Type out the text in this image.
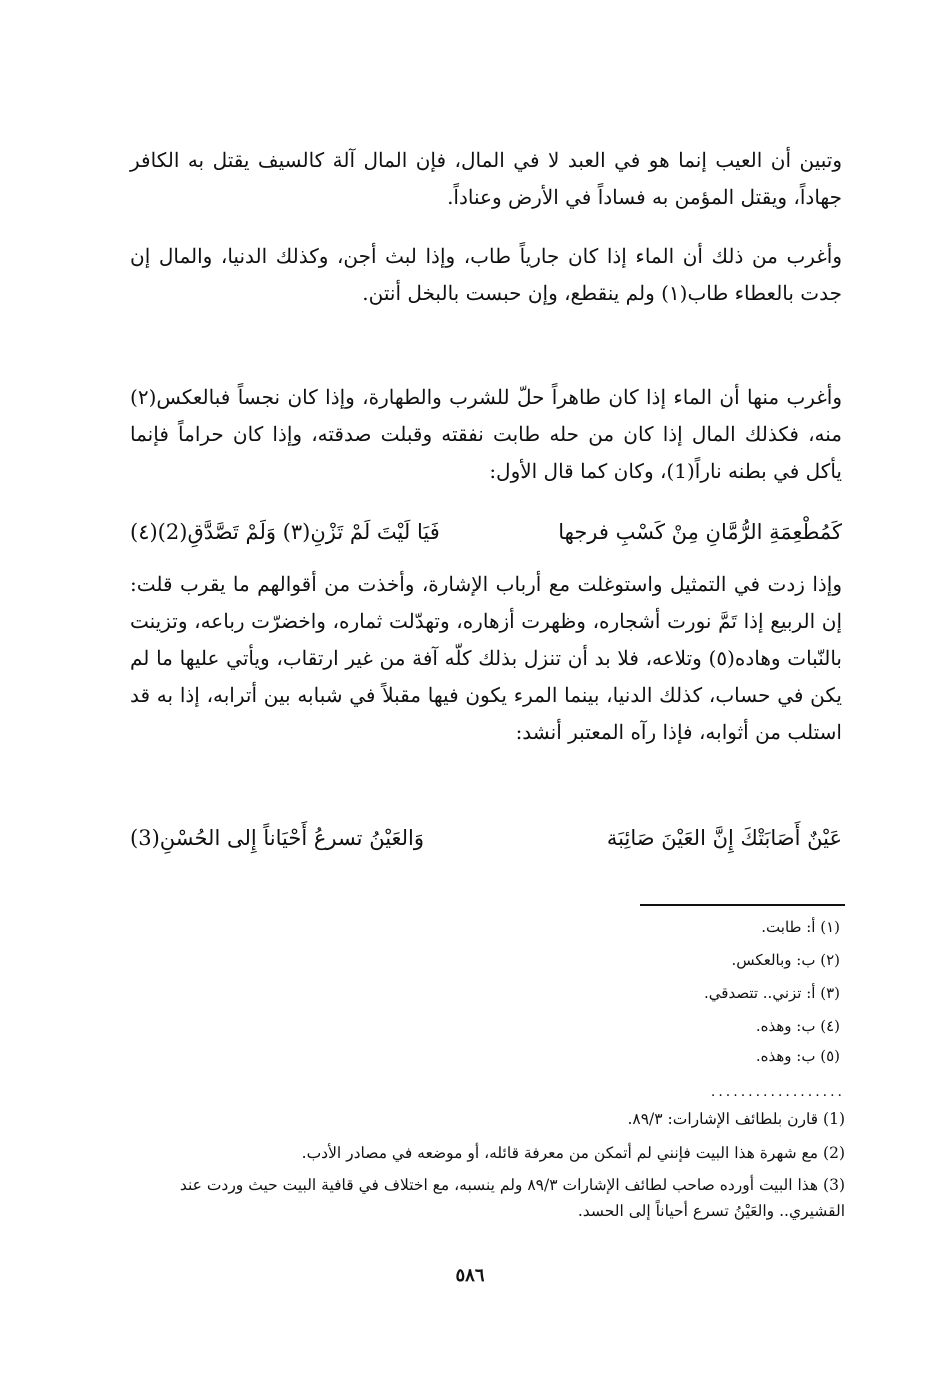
وتبين أن العيب إنما هو في العبد لا في المال، فإن المال آلة كالسيف يقتل به الكافر جهاداً، ويقتل المؤمن به فساداً في الأرض وعناداً.

وأغرب من ذلك أن الماء إذا كان جارياً طاب، وإذا لبث أجن، وكذلك الدنيا، والمال إن جدت بالعطاء طاب(١) ولم ينقطع، وإن حبست بالبخل أنتن.

وأغرب منها أن الماء إذا كان طاهراً حلّ للشرب والطهارة، وإذا كان نجساً فبالعكس(٢) منه، فكذلك المال إذا كان من حله طابت نفقته وقبلت صدقته، وإذا كان حراماً فإنما يأكل في بطنه ناراً(1)، وكان كما قال الأول:

كَمُطْعِمَةِ الرُّمَّانِ مِنْ كَسْبِ فرجها
فَيَا لَيْتَ لَمْ تَزْنِ(٣) وَلَمْ تَصَّدَّقِ(2)(٤)

وإذا زدت في التمثيل واستوغلت مع أرباب الإشارة، وأخذت من أقوالهم ما يقرب قلت: إن الربيع إذا تَمَّ نورت أشجاره، وظهرت أزهاره، وتهدّلت ثماره، واخضرّت رباعه، وتزينت بالنّبات وهاده(٥) وتلاعه، فلا بد أن تنزل بذلك كلّه آفة من غير ارتقاب، ويأتي عليها ما لم يكن في حساب، كذلك الدنيا، بينما المرء يكون فيها مقبلاً في شبابه بين أترابه، إذا به قد استلب من أثوابه، فإذا رآه المعتبر أنشد:

عَيْنٌ أَصَابَتْكَ إِنَّ العَيْنَ صَائِبَة
وَالعَيْنُ تسرعُ أَحْيَاناً إِلى الحُسْنِ(3)
(١) أ: طابت.
(٢) ب: وبالعكس.
(٣) أ: تزني.. تتصدقي.
(٤) ب: وهذه.
(٥) ب: وهذه.
..................
(1) قارن بلطائف الإشارات: ٨٩/٣.
(2) مع شهرة هذا البيت فإنني لم أتمكن من معرفة قائله، أو موضعه في مصادر الأدب.
(3) هذا البيت أورده صاحب لطائف الإشارات ٨٩/٣ ولم ينسبه، مع اختلاف في قافية البيت حيث وردت عند القشيري.. والعَيْنُ تسرع أحياناً إلى الحسد.
٥٨٦
